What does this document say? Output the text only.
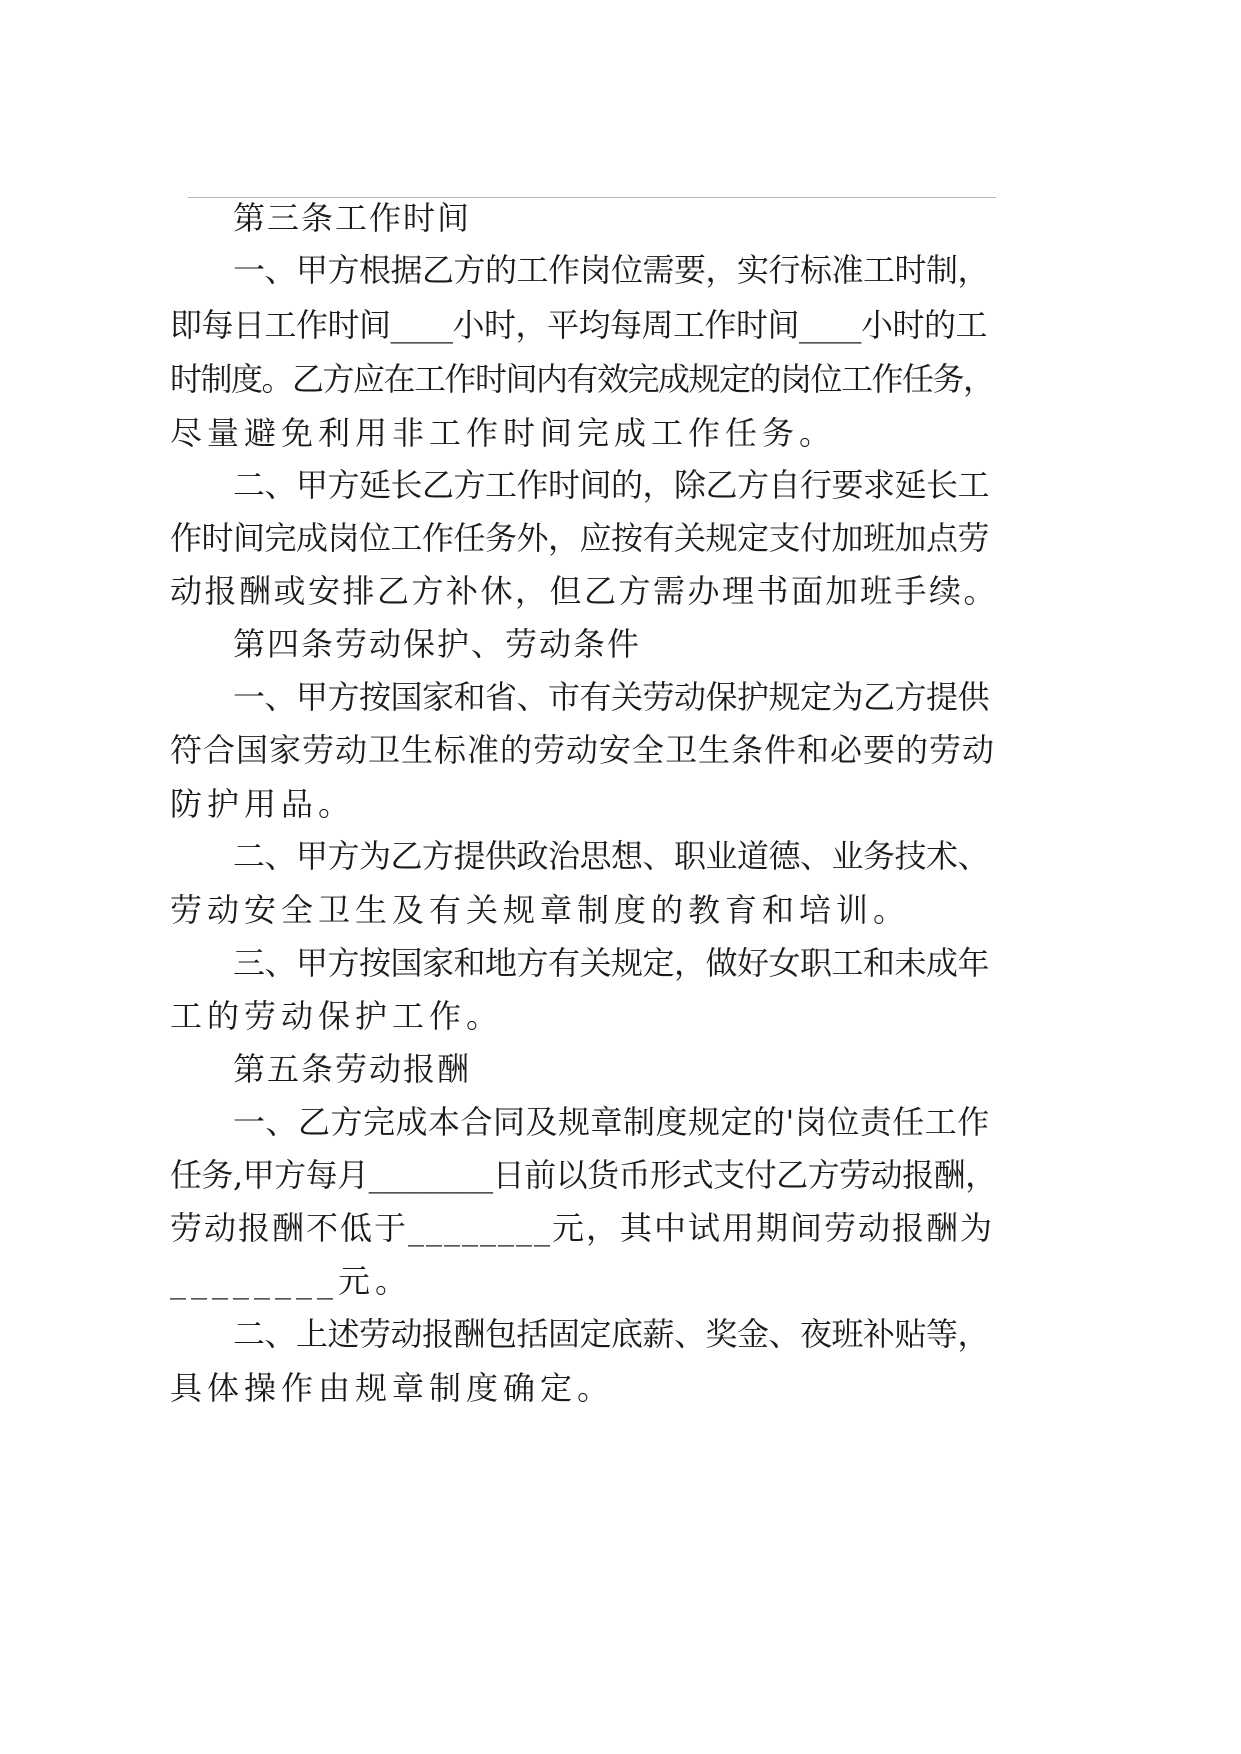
第三条工作时间
一、甲方根据乙方的工作岗位需要，实行标准工时制，
即每日工作时间____小时，平均每周工作时间____小时的工
时制度。乙方应在工作时间内有效完成规定的岗位工作任务，
尽量避免利用非工作时间完成工作任务。
二、甲方延长乙方工作时间的，除乙方自行要求延长工
作时间完成岗位工作任务外，应按有关规定支付加班加点劳
动报酬或安排乙方补休，但乙方需办理书面加班手续。
第四条劳动保护、劳动条件
一、甲方按国家和省、市有关劳动保护规定为乙方提供
符合国家劳动卫生标准的劳动安全卫生条件和必要的劳动
防护用品。
二、甲方为乙方提供政治思想、职业道德、业务技术、
劳动安全卫生及有关规章制度的教育和培训。
三、甲方按国家和地方有关规定，做好女职工和未成年
工的劳动保护工作。
第五条劳动报酬
一、乙方完成本合同及规章制度规定的'岗位责任工作
任务,甲方每月________日前以货币形式支付乙方劳动报酬，
劳动报酬不低于________元，其中试用期间劳动报酬为
________元。
二、上述劳动报酬包括固定底薪、奖金、夜班补贴等，
具体操作由规章制度确定。
